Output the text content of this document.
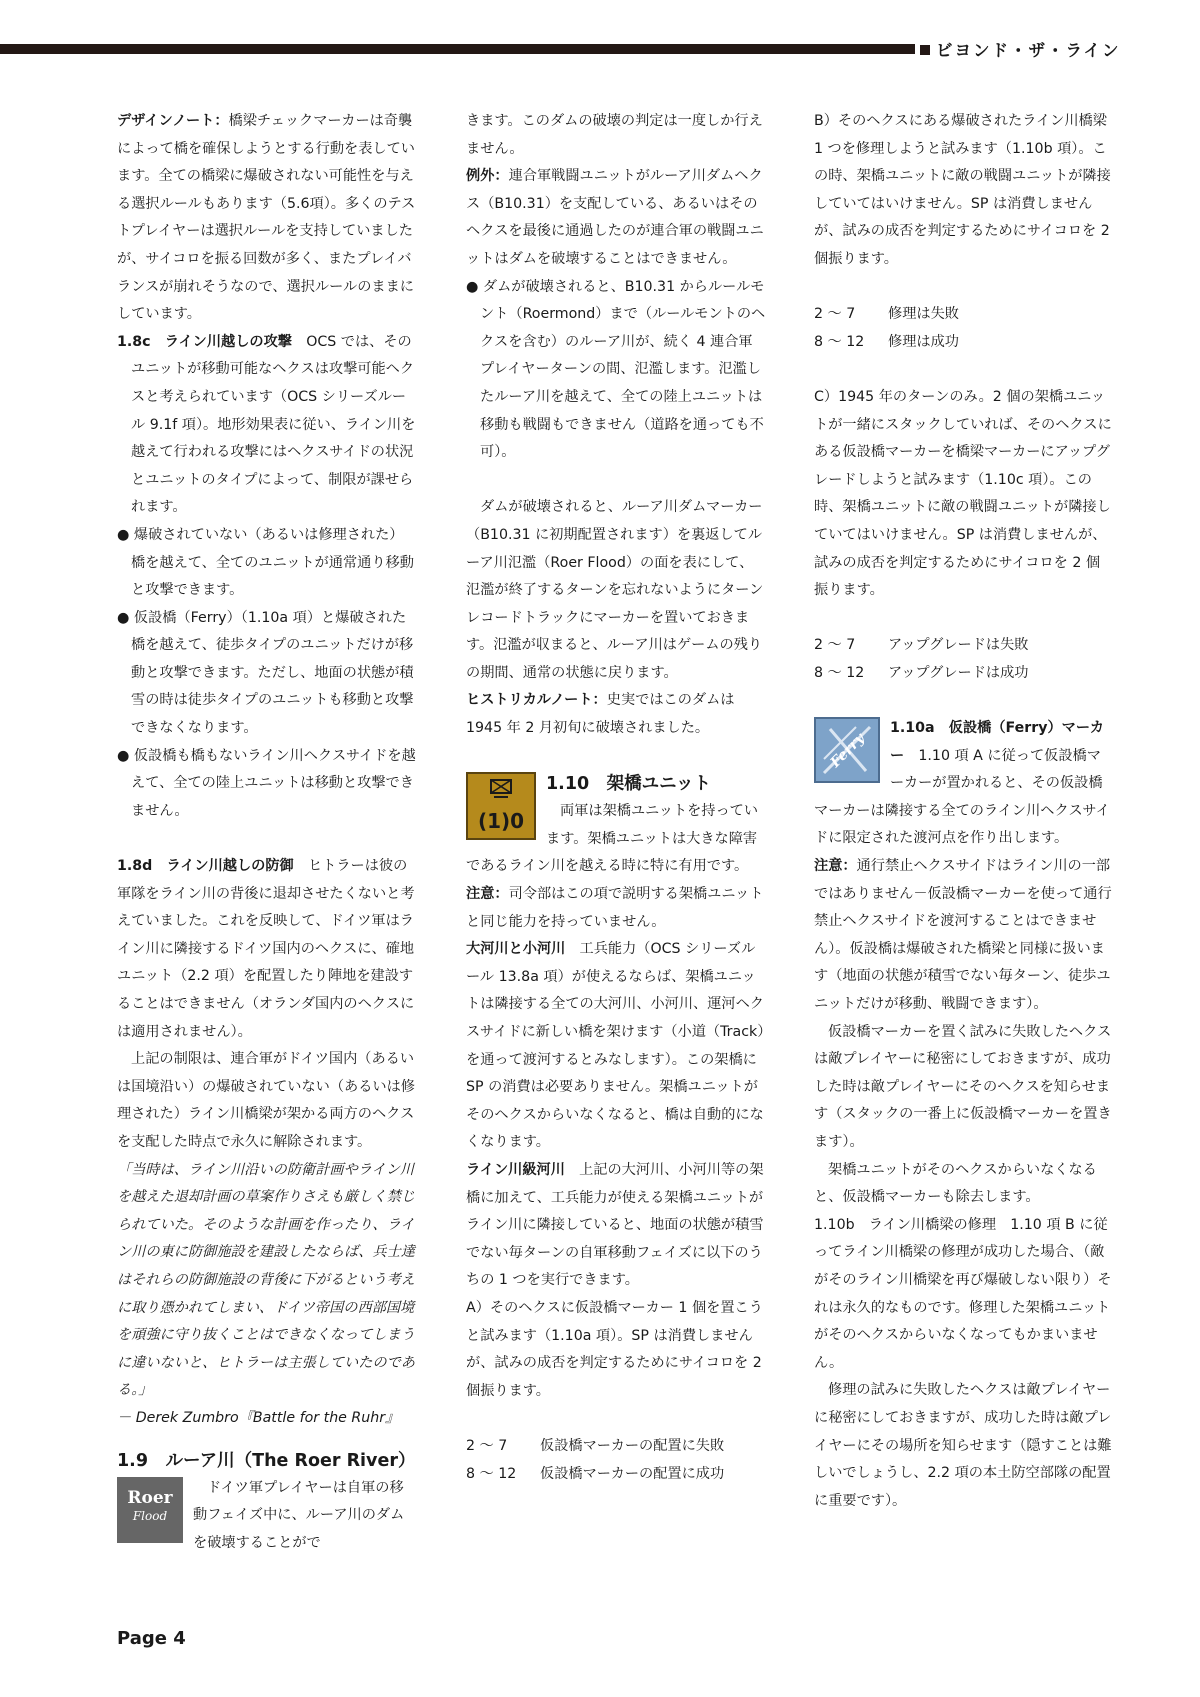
ビヨンド・ザ・ライン

デザインノート：橋梁チェックマーカーは奇襲によって橋を確保しようとする行動を表しています。全ての橋梁に爆破されない可能性を与える選択ルールもあります（5.6項）。多くのテストプレイヤーは選択ルールを支持していましたが、サイコロを振る回数が多く、またプレイバランスが崩れそうなので、選択ルールのままにしています。

1.8c　ライン川越しの攻撃　OCS では、そのユニットが移動可能なヘクスは攻撃可能ヘクスと考えられています（OCS シリーズルール 9.1f 項）。地形効果表に従い、ライン川を越えて行われる攻撃にはヘクスサイドの状況とユニットのタイプによって、制限が課せられます。

● 爆破されていない（あるいは修理された）橋を越えて、全てのユニットが通常通り移動と攻撃できます。

● 仮設橋（Ferry）（1.10a 項）と爆破された橋を越えて、徒歩タイプのユニットだけが移動と攻撃できます。ただし、地面の状態が積雪の時は徒歩タイプのユニットも移動と攻撃できなくなります。

● 仮設橋も橋もないライン川ヘクスサイドを越えて、全ての陸上ユニットは移動と攻撃できません。

1.8d　ライン川越しの防御　ヒトラーは彼の軍隊をライン川の背後に退却させたくないと考えていました。これを反映して、ドイツ軍はライン川に隣接するドイツ国内のヘクスに、確地ユニット（2.2 項）を配置したり陣地を建設することはできません（オランダ国内のヘクスには適用されません）。

上記の制限は、連合軍がドイツ国内（あるいは国境沿い）の爆破されていない（あるいは修理された）ライン川橋梁が架かる両方のヘクスを支配した時点で永久に解除されます。

「当時は、ライン川沿いの防衛計画やライン川を越えた退却計画の草案作りさえも厳しく禁じられていた。そのような計画を作ったり、ライン川の東に防御施設を建設したならば、兵士達はそれらの防御施設の背後に下がるという考えに取り憑かれてしまい、ドイツ帝国の西部国境を頑強に守り抜くことはできなくなってしまうに違いないと、ヒトラーは主張していたのである。」

－ Derek Zumbro『Battle for the Ruhr』

1.9　ルーア川（The Roer River）

Roer
Flood

ドイツ軍プレイヤーは自軍の移動フェイズ中に、ルーア川のダムを破壊することがで

きます。このダムの破壊の判定は一度しか行えません。

例外：連合軍戦闘ユニットがルーア川ダムヘクス（B10.31）を支配している、あるいはそのヘクスを最後に通過したのが連合軍の戦闘ユニットはダムを破壊することはできません。

● ダムが破壊されると、B10.31 からルールモント（Roermond）まで（ルールモントのヘクスを含む）のルーア川が、続く 4 連合軍プレイヤーターンの間、氾濫します。氾濫したルーア川を越えて、全ての陸上ユニットは移動も戦闘もできません（道路を通っても不可）。

ダムが破壊されると、ルーア川ダムマーカー（B10.31 に初期配置されます）を裏返してルーア川氾濫（Roer Flood）の面を表にして、氾濫が終了するターンを忘れないようにターンレコードトラックにマーカーを置いておきます。氾濫が収まると、ルーア川はゲームの残りの期間、通常の状態に戻ります。

ヒストリカルノート：史実ではこのダムは 1945 年 2 月初旬に破壊されました。

(1)0

1.10　架橋ユニット

両軍は架橋ユニットを持っています。架橋ユニットは大きな障害であるライン川を越える時に特に有用です。

注意：司令部はこの項で説明する架橋ユニットと同じ能力を持っていません。

大河川と小河川　工兵能力（OCS シリーズルール 13.8a 項）が使えるならば、架橋ユニットは隣接する全ての大河川、小河川、運河ヘクスサイドに新しい橋を架けます（小道（Track）を通って渡河するとみなします）。この架橋に SP の消費は必要ありません。架橋ユニットがそのヘクスからいなくなると、橋は自動的になくなります。

ライン川級河川　上記の大河川、小河川等の架橋に加えて、工兵能力が使える架橋ユニットがライン川に隣接していると、地面の状態が積雪でない毎ターンの自軍移動フェイズに以下のうちの 1 つを実行できます。

A）そのヘクスに仮設橋マーカー 1 個を置こうと試みます（1.10a 項）。SP は消費しませんが、試みの成否を判定するためにサイコロを 2 個振ります。

2 ～ 7	仮設橋マーカーの配置に失敗
8 ～ 12	仮設橋マーカーの配置に成功

B）そのヘクスにある爆破されたライン川橋梁 1 つを修理しようと試みます（1.10b 項）。この時、架橋ユニットに敵の戦闘ユニットが隣接していてはいけません。SP は消費しませんが、試みの成否を判定するためにサイコロを 2 個振ります。

2 ～ 7	修理は失敗
8 ～ 12	修理は成功

C）1945 年のターンのみ。2 個の架橋ユニットが一緒にスタックしていれば、そのヘクスにある仮設橋マーカーを橋梁マーカーにアップグレードしようと試みます（1.10c 項）。この時、架橋ユニットに敵の戦闘ユニットが隣接していてはいけません。SP は消費しませんが、試みの成否を判定するためにサイコロを 2 個振ります。

2 ～ 7	アップグレードは失敗
8 ～ 12	アップグレードは成功
Ferry

1.10a　仮設橋（Ferry）マーカー　1.10 項 A に従って仮設橋マーカーが置かれると、その仮設橋マーカーは隣接する全てのライン川ヘクスサイドに限定された渡河点を作り出します。

注意：通行禁止ヘクスサイドはライン川の一部ではありません－仮設橋マーカーを使って通行禁止ヘクスサイドを渡河することはできません）。仮設橋は爆破された橋梁と同様に扱います（地面の状態が積雪でない毎ターン、徒歩ユニットだけが移動、戦闘できます）。

仮設橋マーカーを置く試みに失敗したヘクスは敵プレイヤーに秘密にしておきますが、成功した時は敵プレイヤーにそのヘクスを知らせます（スタックの一番上に仮設橋マーカーを置きます）。

架橋ユニットがそのヘクスからいなくなると、仮設橋マーカーも除去します。

1.10b　ライン川橋梁の修理　1.10 項 B に従ってライン川橋梁の修理が成功した場合、（敵がそのライン川橋梁を再び爆破しない限り）それは永久的なものです。修理した架橋ユニットがそのヘクスからいなくなってもかまいません。

修理の試みに失敗したヘクスは敵プレイヤーに秘密にしておきますが、成功した時は敵プレイヤーにその場所を知らせます（隠すことは難しいでしょうし、2.2 項の本土防空部隊の配置に重要です）。

Page 4
